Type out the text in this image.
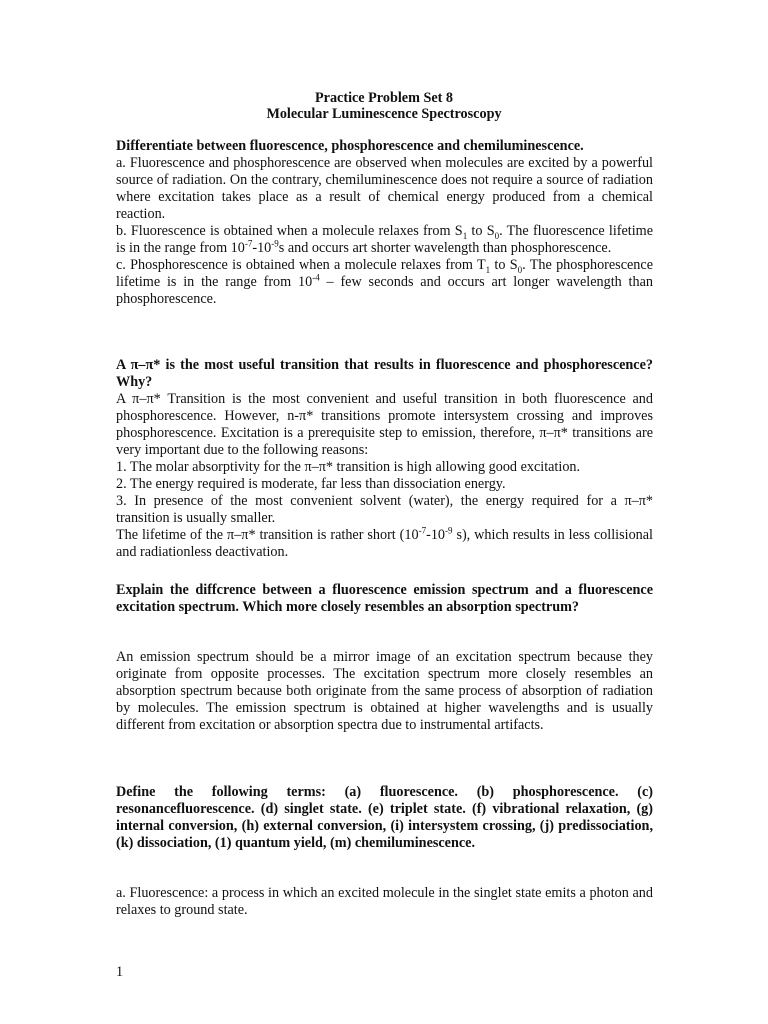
Practice Problem Set 8
Molecular Luminescence Spectroscopy

Differentiate between fluorescence, phosphorescence and chemiluminescence.

a. Fluorescence and phosphorescence are observed when molecules are excited by a powerful source of radiation. On the contrary, chemiluminescence does not require a source of radiation where excitation takes place as a result of chemical energy produced from a chemical reaction.

b. Fluorescence is obtained when a molecule relaxes from $S_1$ to $S_0$. The fluorescence lifetime is in the range from $10^{-7}-10^{-9}s$ and occurs art shorter wavelength than phosphorescence.

c. Phosphorescence is obtained when a molecule relaxes from $T_1$ to $S_0$. The phosphorescence lifetime is in the range from $10^{-4}$ – few seconds and occurs art longer wavelength than phosphorescence.

A π–π* is the most useful transition that results in fluorescence and phosphorescence? Why?

A π–π* Transition is the most convenient and useful transition in both fluorescence and phosphorescence. However, n-π* transitions promote intersystem crossing and improves phosphorescence. Excitation is a prerequisite step to emission, therefore, π–π* transitions are very important due to the following reasons:

1. The molar absorptivity for the π–π* transition is high allowing good excitation.

2. The energy required is moderate, far less than dissociation energy.

3. In presence of the most convenient solvent (water), the energy required for a π–π* transition is usually smaller.

The lifetime of the π–π* transition is rather short ($10^{-7}-10^{-9}$ s), which results in less collisional and radiationless deactivation.

Explain the diffcrence between a fluorescence emission spectrum and a fluorescence excitation spectrum. Which more closely resembles an absorption spectrum?

An emission spectrum should be a mirror image of an excitation spectrum because they originate from opposite processes. The excitation spectrum more closely resembles an absorption spectrum because both originate from the same process of absorption of radiation by molecules. The emission spectrum is obtained at higher wavelengths and is usually different from excitation or absorption spectra due to instrumental artifacts.

Define the following terms: (a) fluorescence. (b) phosphorescence. (c) resonancefluorescence. (d) singlet state. (e) triplet state. (f) vibrational relaxation, (g) internal conversion, (h) external conversion, (i) intersystem crossing, (j) predissociation, (k) dissociation, (1) quantum yield, (m) chemiluminescence.

a. Fluorescence: a process in which an excited molecule in the singlet state emits a photon and relaxes to ground state.

1
